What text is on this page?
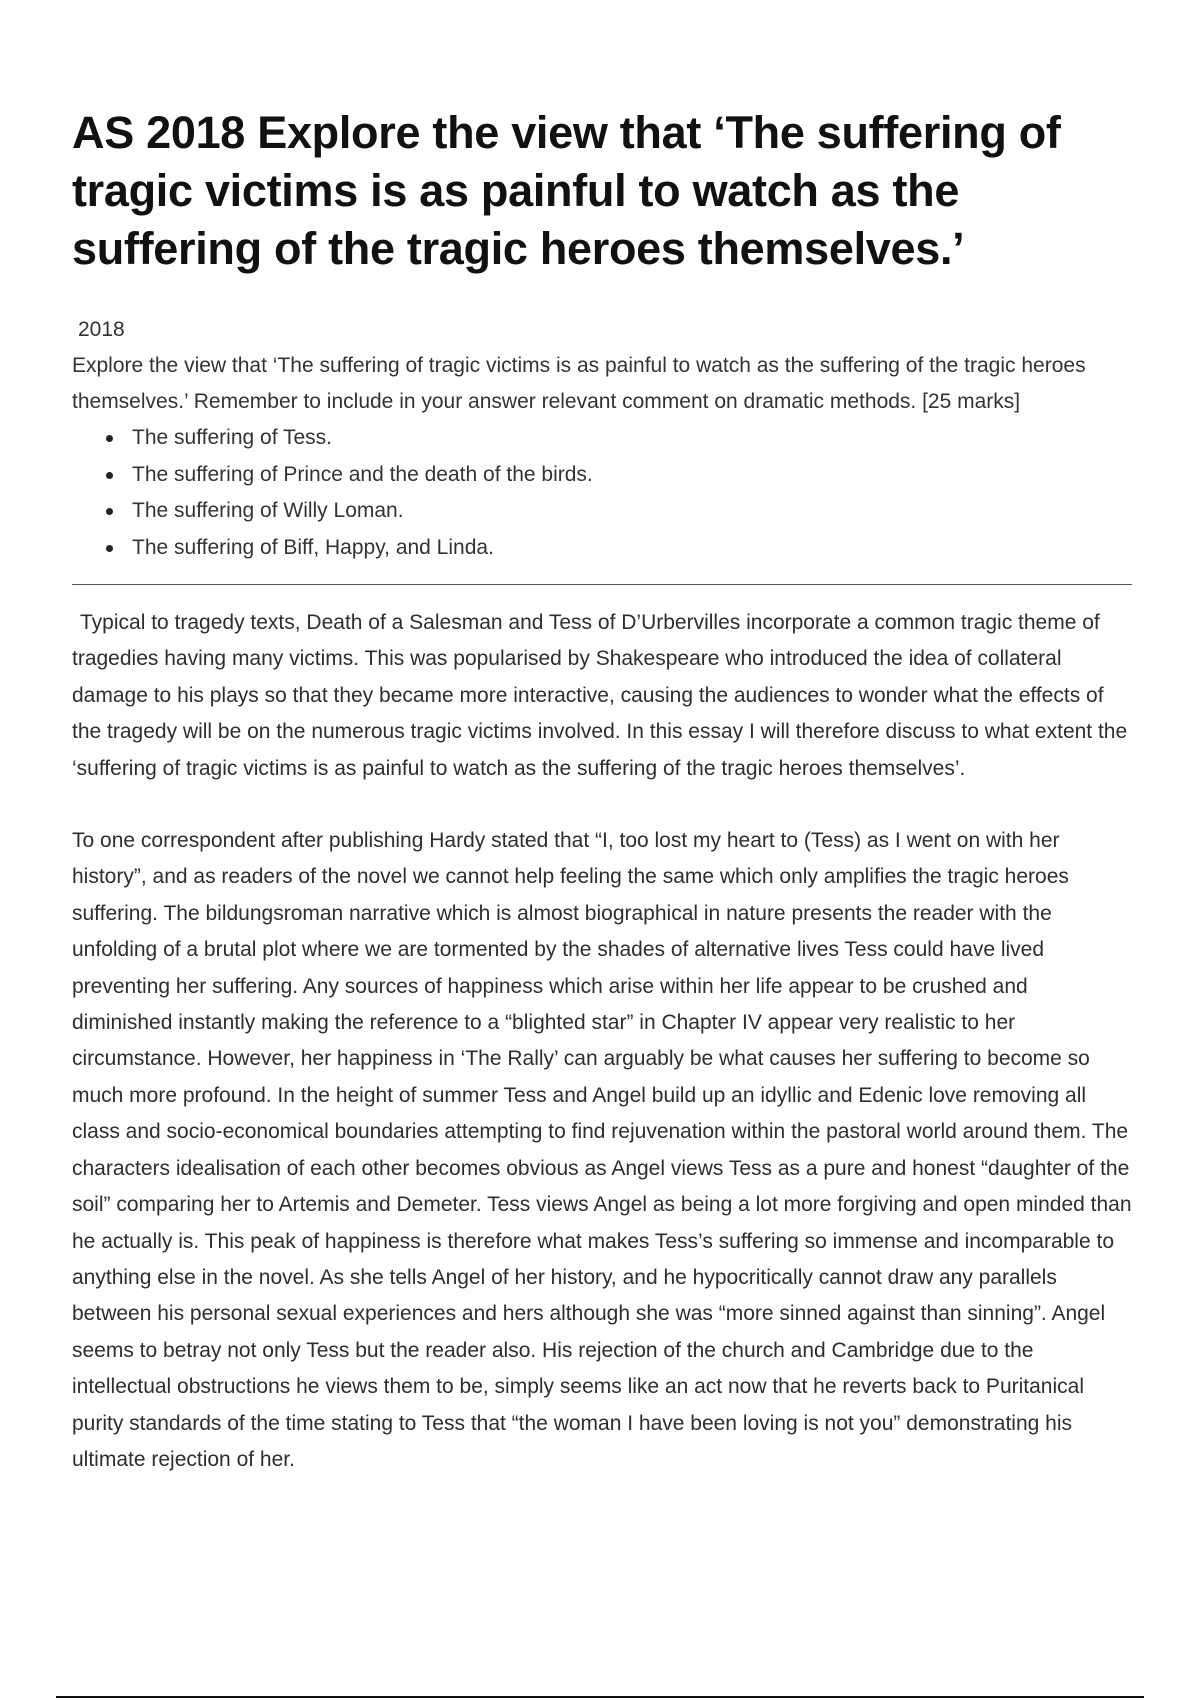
AS 2018 Explore the view that ‘The suffering of tragic victims is as painful to watch as the suffering of the tragic heroes themselves.’
2018
Explore the view that ‘The suffering of tragic victims is as painful to watch as the suffering of the tragic heroes themselves.’ Remember to include in your answer relevant comment on dramatic methods. [25 marks]
The suffering of Tess.
The suffering of Prince and the death of the birds.
The suffering of Willy Loman.
The suffering of Biff, Happy, and Linda.

Typical to tragedy texts, Death of a Salesman and Tess of D’Urbervilles incorporate a common tragic theme of tragedies having many victims. This was popularised by Shakespeare who introduced the idea of collateral damage to his plays so that they became more interactive, causing the audiences to wonder what the effects of the tragedy will be on the numerous tragic victims involved. In this essay I will therefore discuss to what extent the ‘suffering of tragic victims is as painful to watch as the suffering of the tragic heroes themselves’.

To one correspondent after publishing Hardy stated that “I, too lost my heart to (Tess) as I went on with her history”, and as readers of the novel we cannot help feeling the same which only amplifies the tragic heroes suffering. The bildungsroman narrative which is almost biographical in nature presents the reader with the unfolding of a brutal plot where we are tormented by the shades of alternative lives Tess could have lived preventing her suffering. Any sources of happiness which arise within her life appear to be crushed and diminished instantly making the reference to a “blighted star” in Chapter IV appear very realistic to her circumstance. However, her happiness in ‘The Rally’ can arguably be what causes her suffering to become so much more profound. In the height of summer Tess and Angel build up an idyllic and Edenic love removing all class and socio-economical boundaries attempting to find rejuvenation within the pastoral world around them. The characters idealisation of each other becomes obvious as Angel views Tess as a pure and honest “daughter of the soil” comparing her to Artemis and Demeter. Tess views Angel as being a lot more forgiving and open minded than he actually is. This peak of happiness is therefore what makes Tess’s suffering so immense and incomparable to anything else in the novel. As she tells Angel of her history, and he hypocritically cannot draw any parallels between his personal sexual experiences and hers although she was “more sinned against than sinning”. Angel seems to betray not only Tess but the reader also. His rejection of the church and Cambridge due to the intellectual obstructions he views them to be, simply seems like an act now that he reverts back to Puritanical purity standards of the time stating to Tess that “the woman I have been loving is not you” demonstrating his ultimate rejection of her.
